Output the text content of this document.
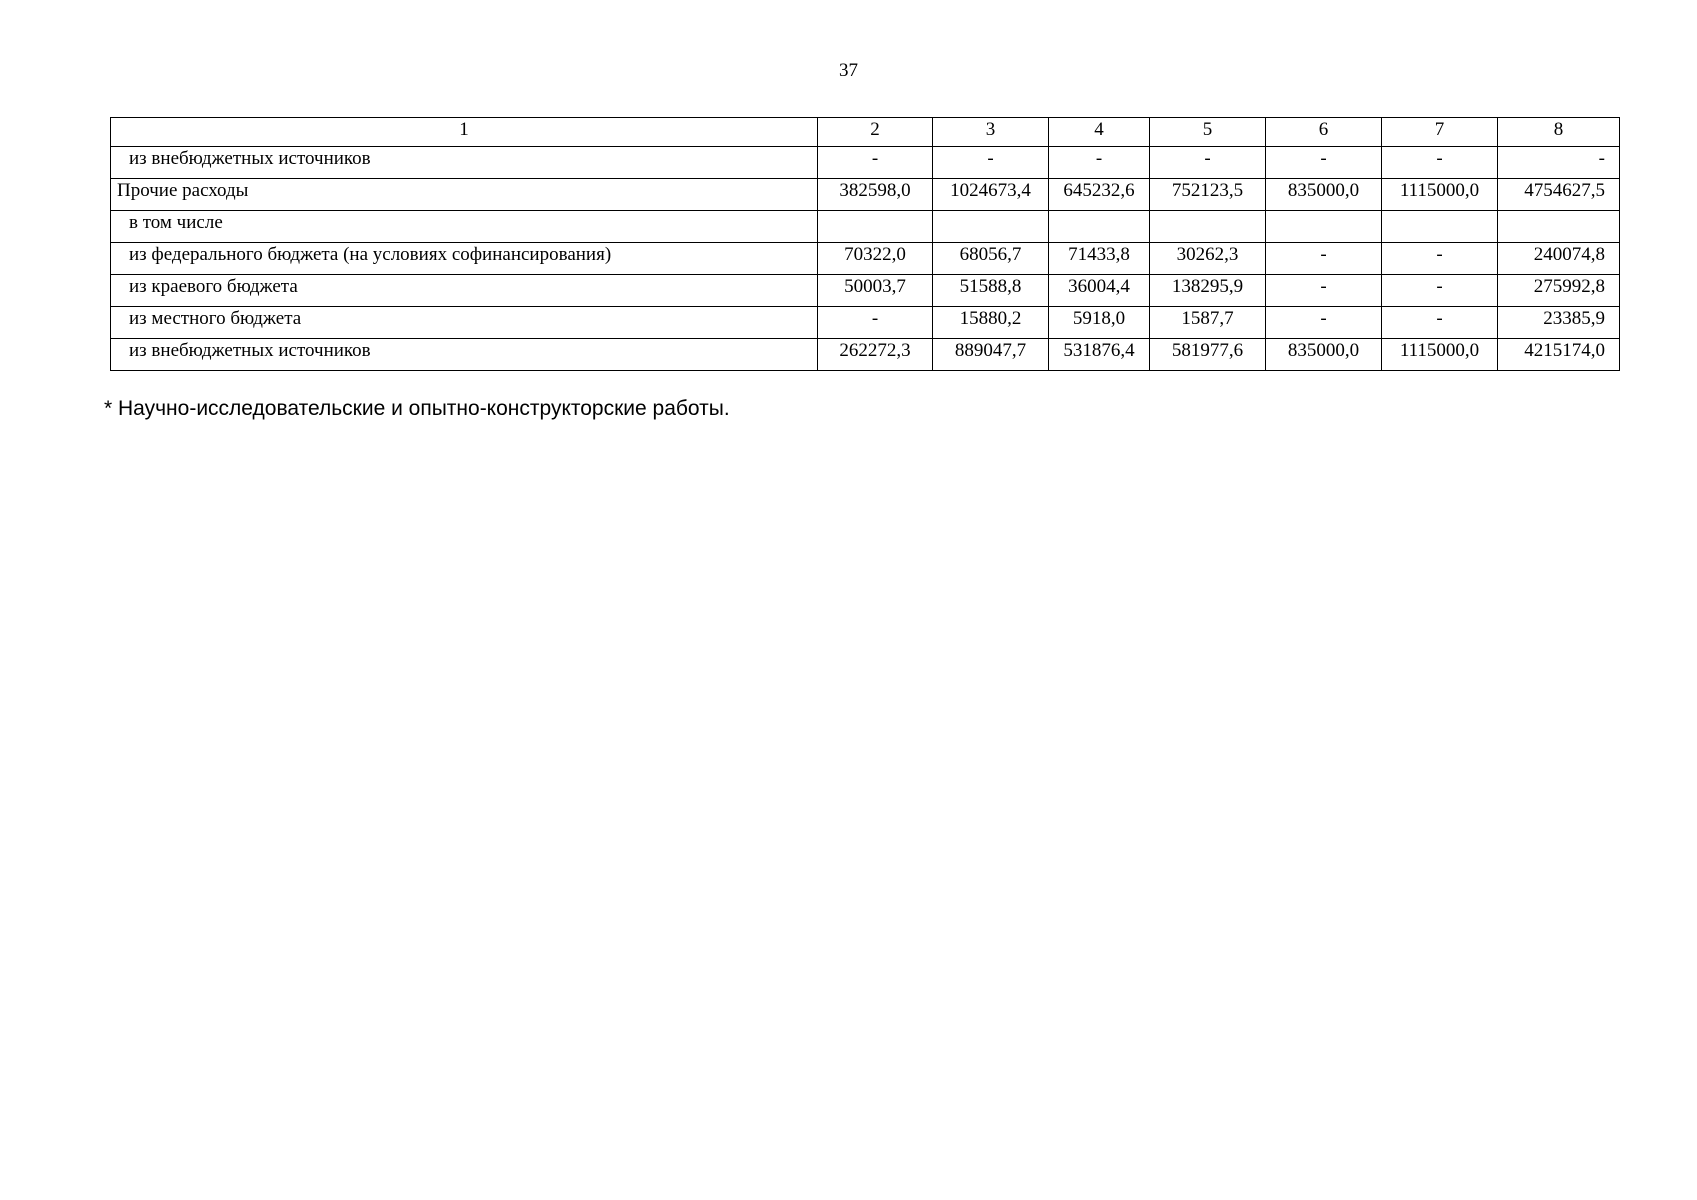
37
1	2	3	4	5	6	7	8
из внебюджетных источников	-	-	-	-	-	-	-
Прочие расходы	382598,0	1024673,4	645232,6	752123,5	835000,0	1115000,0	4754627,5
в том числе							
из федерального бюджета (на условиях софинансирования)	70322,0	68056,7	71433,8	30262,3	-	-	240074,8
из краевого бюджета	50003,7	51588,8	36004,4	138295,9	-	-	275992,8
из местного бюджета	-	15880,2	5918,0	1587,7	-	-	23385,9
из внебюджетных источников	262272,3	889047,7	531876,4	581977,6	835000,0	1115000,0	4215174,0
* Научно-исследовательские и опытно-конструкторские работы.
